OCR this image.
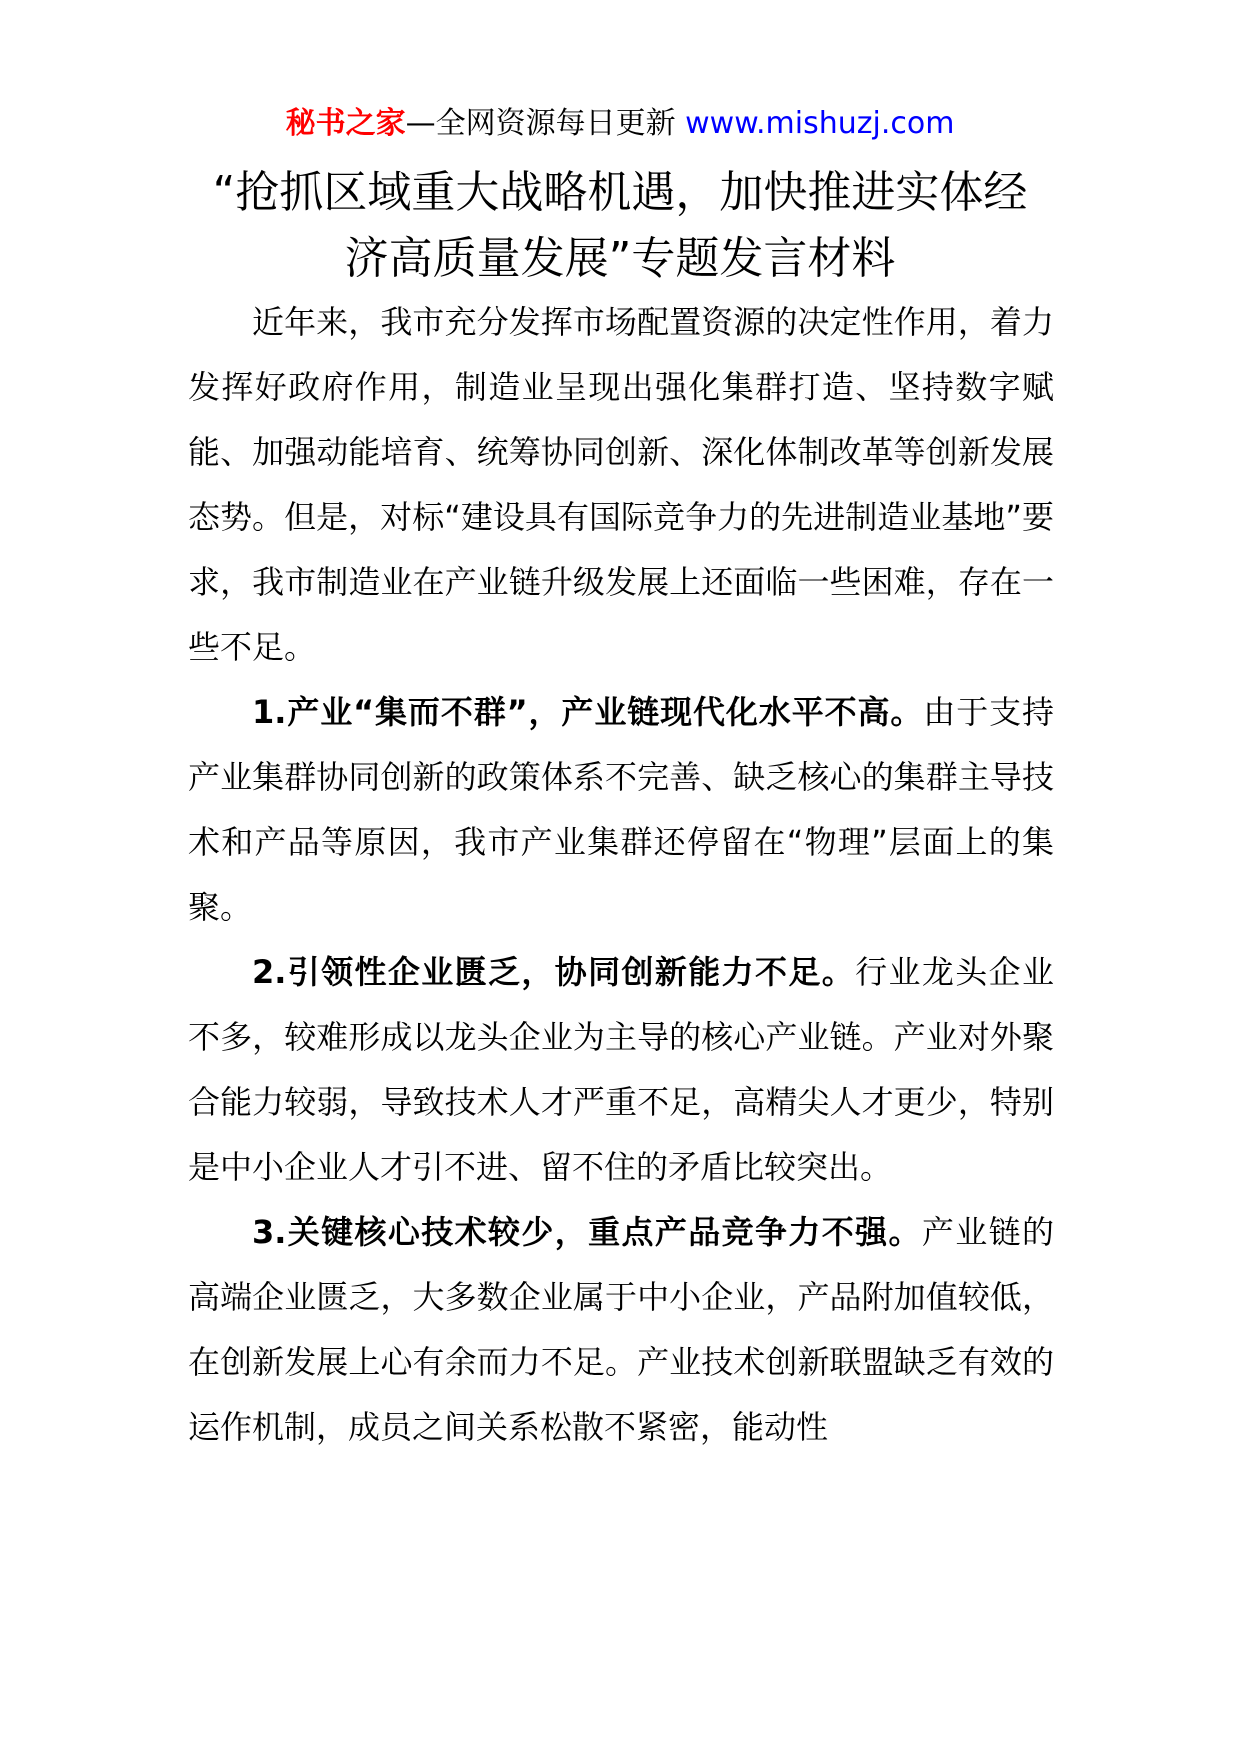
秘书之家—全网资源每日更新 www.mishuzj.com
“抢抓区域重大战略机遇，加快推进实体经
济高质量发展”专题发言材料

近年来，我市充分发挥市场配置资源的决定性作用，着力发挥好政府作用，制造业呈现出强化集群打造、坚持数字赋能、加强动能培育、统筹协同创新、深化体制改革等创新发展态势。但是，对标“建设具有国际竞争力的先进制造业基地”要求，我市制造业在产业链升级发展上还面临一些困难，存在一些不足。

1.产业“集而不群”，产业链现代化水平不高。由于支持产业集群协同创新的政策体系不完善、缺乏核心的集群主导技术和产品等原因，我市产业集群还停留在“物理”层面上的集聚。

2.引领性企业匮乏，协同创新能力不足。行业龙头企业不多，较难形成以龙头企业为主导的核心产业链。产业对外聚合能力较弱，导致技术人才严重不足，高精尖人才更少，特别是中小企业人才引不进、留不住的矛盾比较突出。

3.关键核心技术较少，重点产品竞争力不强。产业链的高端企业匮乏，大多数企业属于中小企业，产品附加值较低，在创新发展上心有余而力不足。产业技术创新联盟缺乏有效的运作机制，成员之间关系松散不紧密，能动性
